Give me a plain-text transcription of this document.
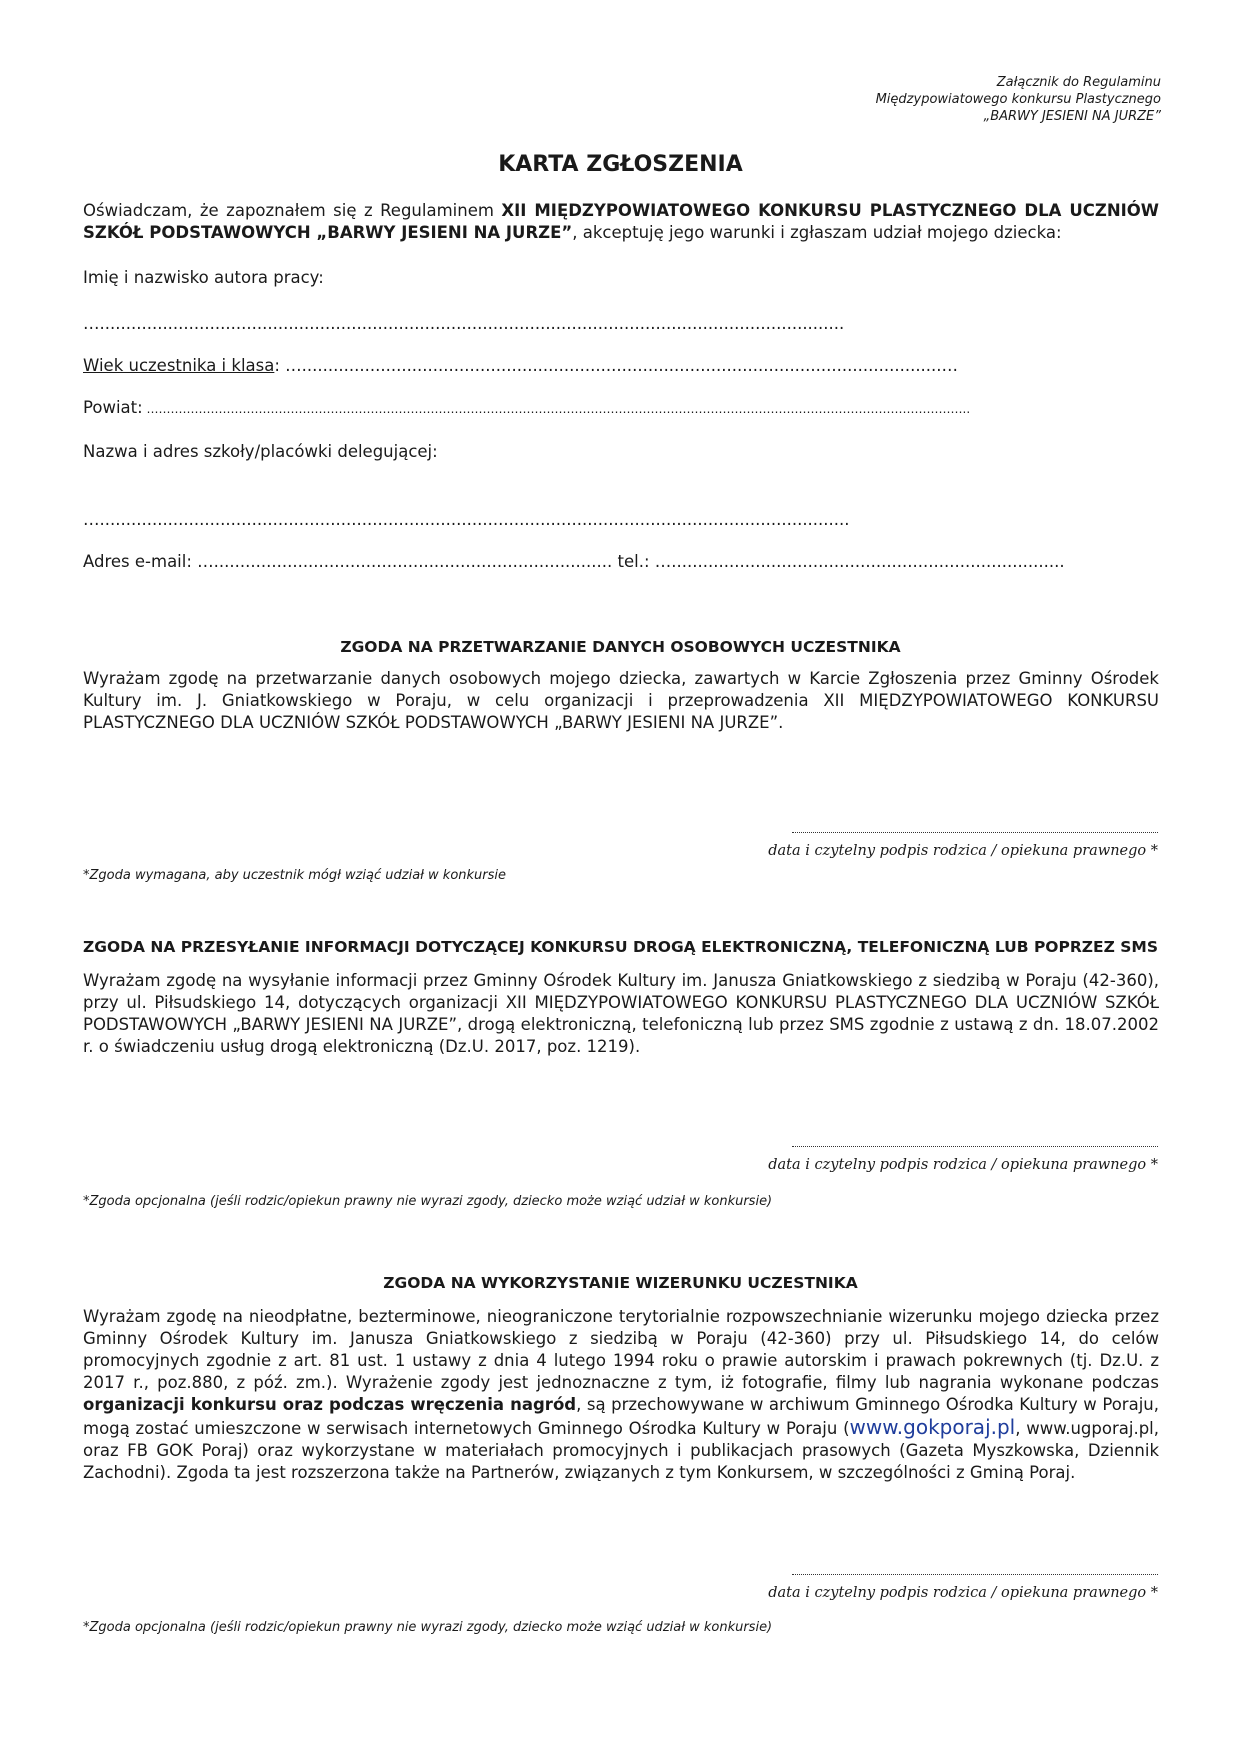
Załącznik do Regulaminu
Międzypowiatowego konkursu Plastycznego
„BARWY JESIENI NA JURZE”
KARTA ZGŁOSZENIA
Oświadczam, że zapoznałem się z Regulaminem XII MIĘDZYPOWIATOWEGO KONKURSU PLASTYCZNEGO DLA UCZNIÓW SZKÓŁ PODSTAWOWYCH „BARWY JESIENI NA JURZE”, akceptuję jego warunki i zgłaszam udział mojego dziecka:
Imię i nazwisko autora pracy:
…..............................................................................................................................................
Wiek uczestnika i klasa: …..........................................................................................................................…
Powiat: ……………………………………………………………………………………………………………………………………………………………………………………..
Nazwa i adres szkoły/placówki delegującej:
…...............................................................................................................................................
Adres e-mail: …............................................................................ tel.: …...........................................................................
ZGODA NA PRZETWARZANIE DANYCH OSOBOWYCH UCZESTNIKA
Wyrażam zgodę na przetwarzanie danych osobowych mojego dziecka, zawartych w Karcie Zgłoszenia przez Gminny Ośrodek Kultury im. J. Gniatkowskiego w Poraju, w celu organizacji i przeprowadzenia XII MIĘDZYPOWIATOWEGO KONKURSU PLASTYCZNEGO DLA UCZNIÓW SZKÓŁ PODSTAWOWYCH „BARWY JESIENI NA JURZE”.
data i czytelny podpis rodzica / opiekuna prawnego *
*Zgoda wymagana, aby uczestnik mógł wziąć udział w konkursie
ZGODA NA PRZESYŁANIE INFORMACJI DOTYCZĄCEJ KONKURSU DROGĄ ELEKTRONICZNĄ, TELEFONICZNĄ LUB POPRZEZ SMS
Wyrażam zgodę na wysyłanie informacji przez Gminny Ośrodek Kultury im. Janusza Gniatkowskiego z siedzibą w Poraju (42-360), przy ul. Piłsudskiego 14, dotyczących organizacji XII MIĘDZYPOWIATOWEGO KONKURSU PLASTYCZNEGO DLA UCZNIÓW SZKÓŁ PODSTAWOWYCH „BARWY JESIENI NA JURZE”, drogą elektroniczną, telefoniczną lub przez SMS zgodnie z ustawą z dn. 18.07.2002 r. o świadczeniu usług drogą elektroniczną (Dz.U. 2017, poz. 1219).
data i czytelny podpis rodzica / opiekuna prawnego *
*Zgoda opcjonalna (jeśli rodzic/opiekun prawny nie wyrazi zgody, dziecko może wziąć udział w konkursie)
ZGODA NA WYKORZYSTANIE WIZERUNKU UCZESTNIKA
Wyrażam zgodę na nieodpłatne, bezterminowe, nieograniczone terytorialnie rozpowszechnianie wizerunku mojego dziecka przez Gminny Ośrodek Kultury im. Janusza Gniatkowskiego z siedzibą w Poraju (42-360) przy ul. Piłsudskiego 14, do celów promocyjnych zgodnie z art. 81 ust. 1 ustawy z dnia 4 lutego 1994 roku o prawie autorskim i prawach pokrewnych (tj. Dz.U. z 2017 r., poz.880, z póź. zm.). Wyrażenie zgody jest jednoznaczne z tym, iż fotografie, filmy lub nagrania wykonane podczas organizacji konkursu oraz podczas wręczenia nagród, są przechowywane w archiwum Gminnego Ośrodka Kultury w Poraju, mogą zostać umieszczone w serwisach internetowych Gminnego Ośrodka Kultury w Poraju (www.gokporaj.pl, www.ugporaj.pl, oraz FB GOK Poraj) oraz wykorzystane w materiałach promocyjnych i publikacjach prasowych (Gazeta Myszkowska, Dziennik Zachodni). Zgoda ta jest rozszerzona także na Partnerów, związanych z tym Konkursem, w szczególności z Gminą Poraj.
data i czytelny podpis rodzica / opiekuna prawnego *
*Zgoda opcjonalna (jeśli rodzic/opiekun prawny nie wyrazi zgody, dziecko może wziąć udział w konkursie)
